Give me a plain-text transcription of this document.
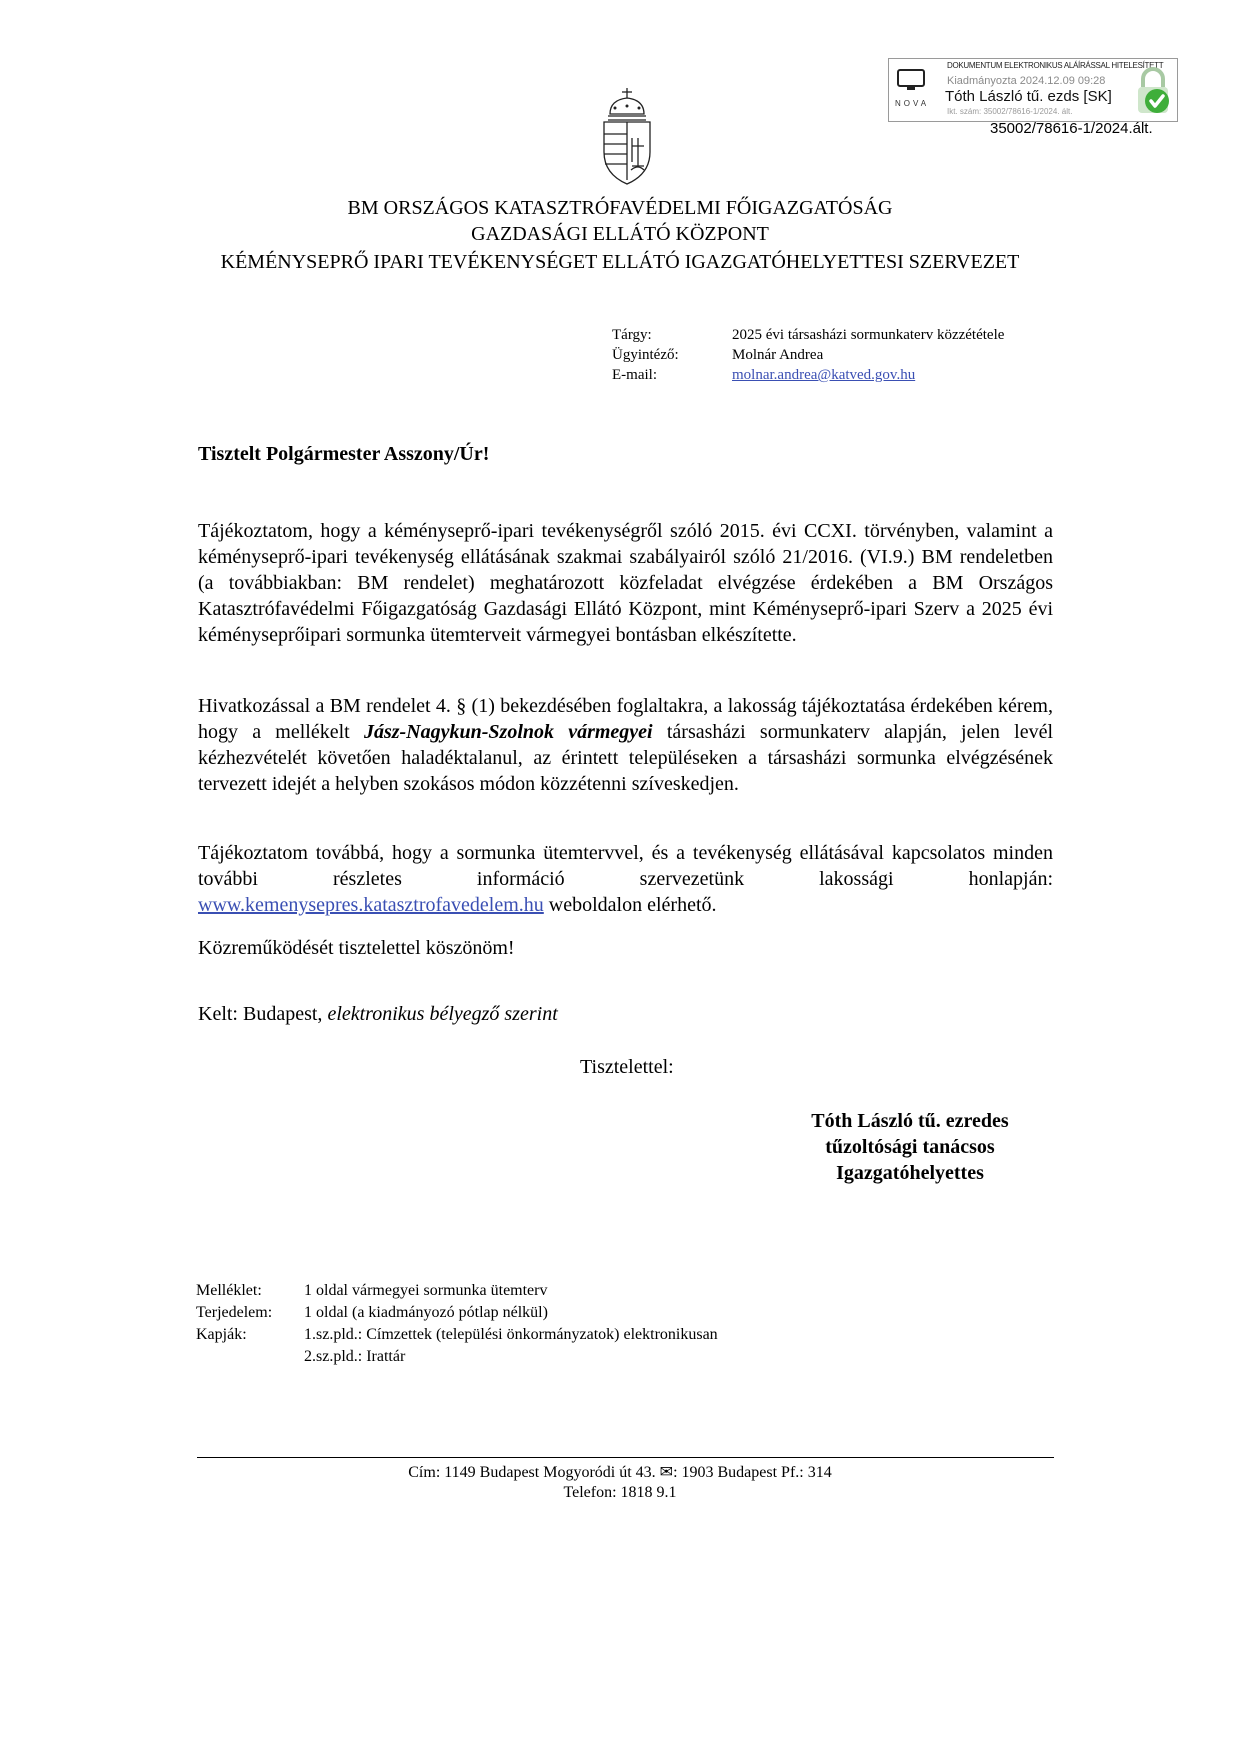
NOVA
DOKUMENTUM ELEKTRONIKUS ALÁÍRÁSSAL HITELESÍTETT
Kiadmányozta 2024.12.09 09:28
Tóth László tű. ezds [SK]
Ikt. szám: 35002/78616-1/2024. ált.
35002/78616-1/2024.ált.
BM ORSZÁGOS KATASZTRÓFAVÉDELMI FŐIGAZGATÓSÁG
GAZDASÁGI ELLÁTÓ KÖZPONT
KÉMÉNYSEPRŐ IPARI TEVÉKENYSÉGET ELLÁTÓ IGAZGATÓHELYETTESI SZERVEZET
Tárgy:	2025 évi társasházi sormunkaterv közzététele
Ügyintéző:	Molnár Andrea
E-mail:	molnar.andrea@katved.gov.hu
Tisztelt Polgármester Asszony/Úr!
Tájékoztatom, hogy a kéményseprő-ipari tevékenységről szóló 2015. évi CCXI. törvényben, valamint a kéményseprő-ipari tevékenység ellátásának szakmai szabályairól szóló 21/2016. (VI.9.) BM rendeletben (a továbbiakban: BM rendelet) meghatározott közfeladat elvégzése érdekében a BM Országos Katasztrófavédelmi Főigazgatóság Gazdasági Ellátó Központ, mint Kéményseprő-ipari Szerv a 2025 évi kéményseprőipari sormunka ütemterveit vármegyei bontásban elkészítette.
Hivatkozással a BM rendelet 4. § (1) bekezdésében foglaltakra, a lakosság tájékoztatása érdekében kérem, hogy a mellékelt Jász-Nagykun-Szolnok vármegyei társasházi sormunkaterv alapján, jelen levél kézhezvételét követően haladéktalanul, az érintett településeken a társasházi sormunka elvégzésének tervezett idejét a helyben szokásos módon közzétenni szíveskedjen.
Tájékoztatom továbbá, hogy a sormunka ütemtervvel, és a tevékenység ellátásával kapcsolatos minden további részletes információ szervezetünk lakossági honlapján: www.kemenysepres.katasztrofavedelem.hu weboldalon elérhető.
Közreműködését tisztelettel köszönöm!
Kelt: Budapest, elektronikus bélyegző szerint
Tisztelettel:
Tóth László tű. ezredes
tűzoltósági tanácsos
Igazgatóhelyettes
Melléklet:	1 oldal vármegyei sormunka ütemterv
Terjedelem: 1 oldal (a kiadmányozó pótlap nélkül)
Kapják:	1.sz.pld.: Címzettek (települési önkormányzatok) elektronikusan
2.sz.pld.: Irattár
Cím: 1149 Budapest Mogyoródi út 43. ✉: 1903 Budapest Pf.: 314
Telefon: 1818 9.1
